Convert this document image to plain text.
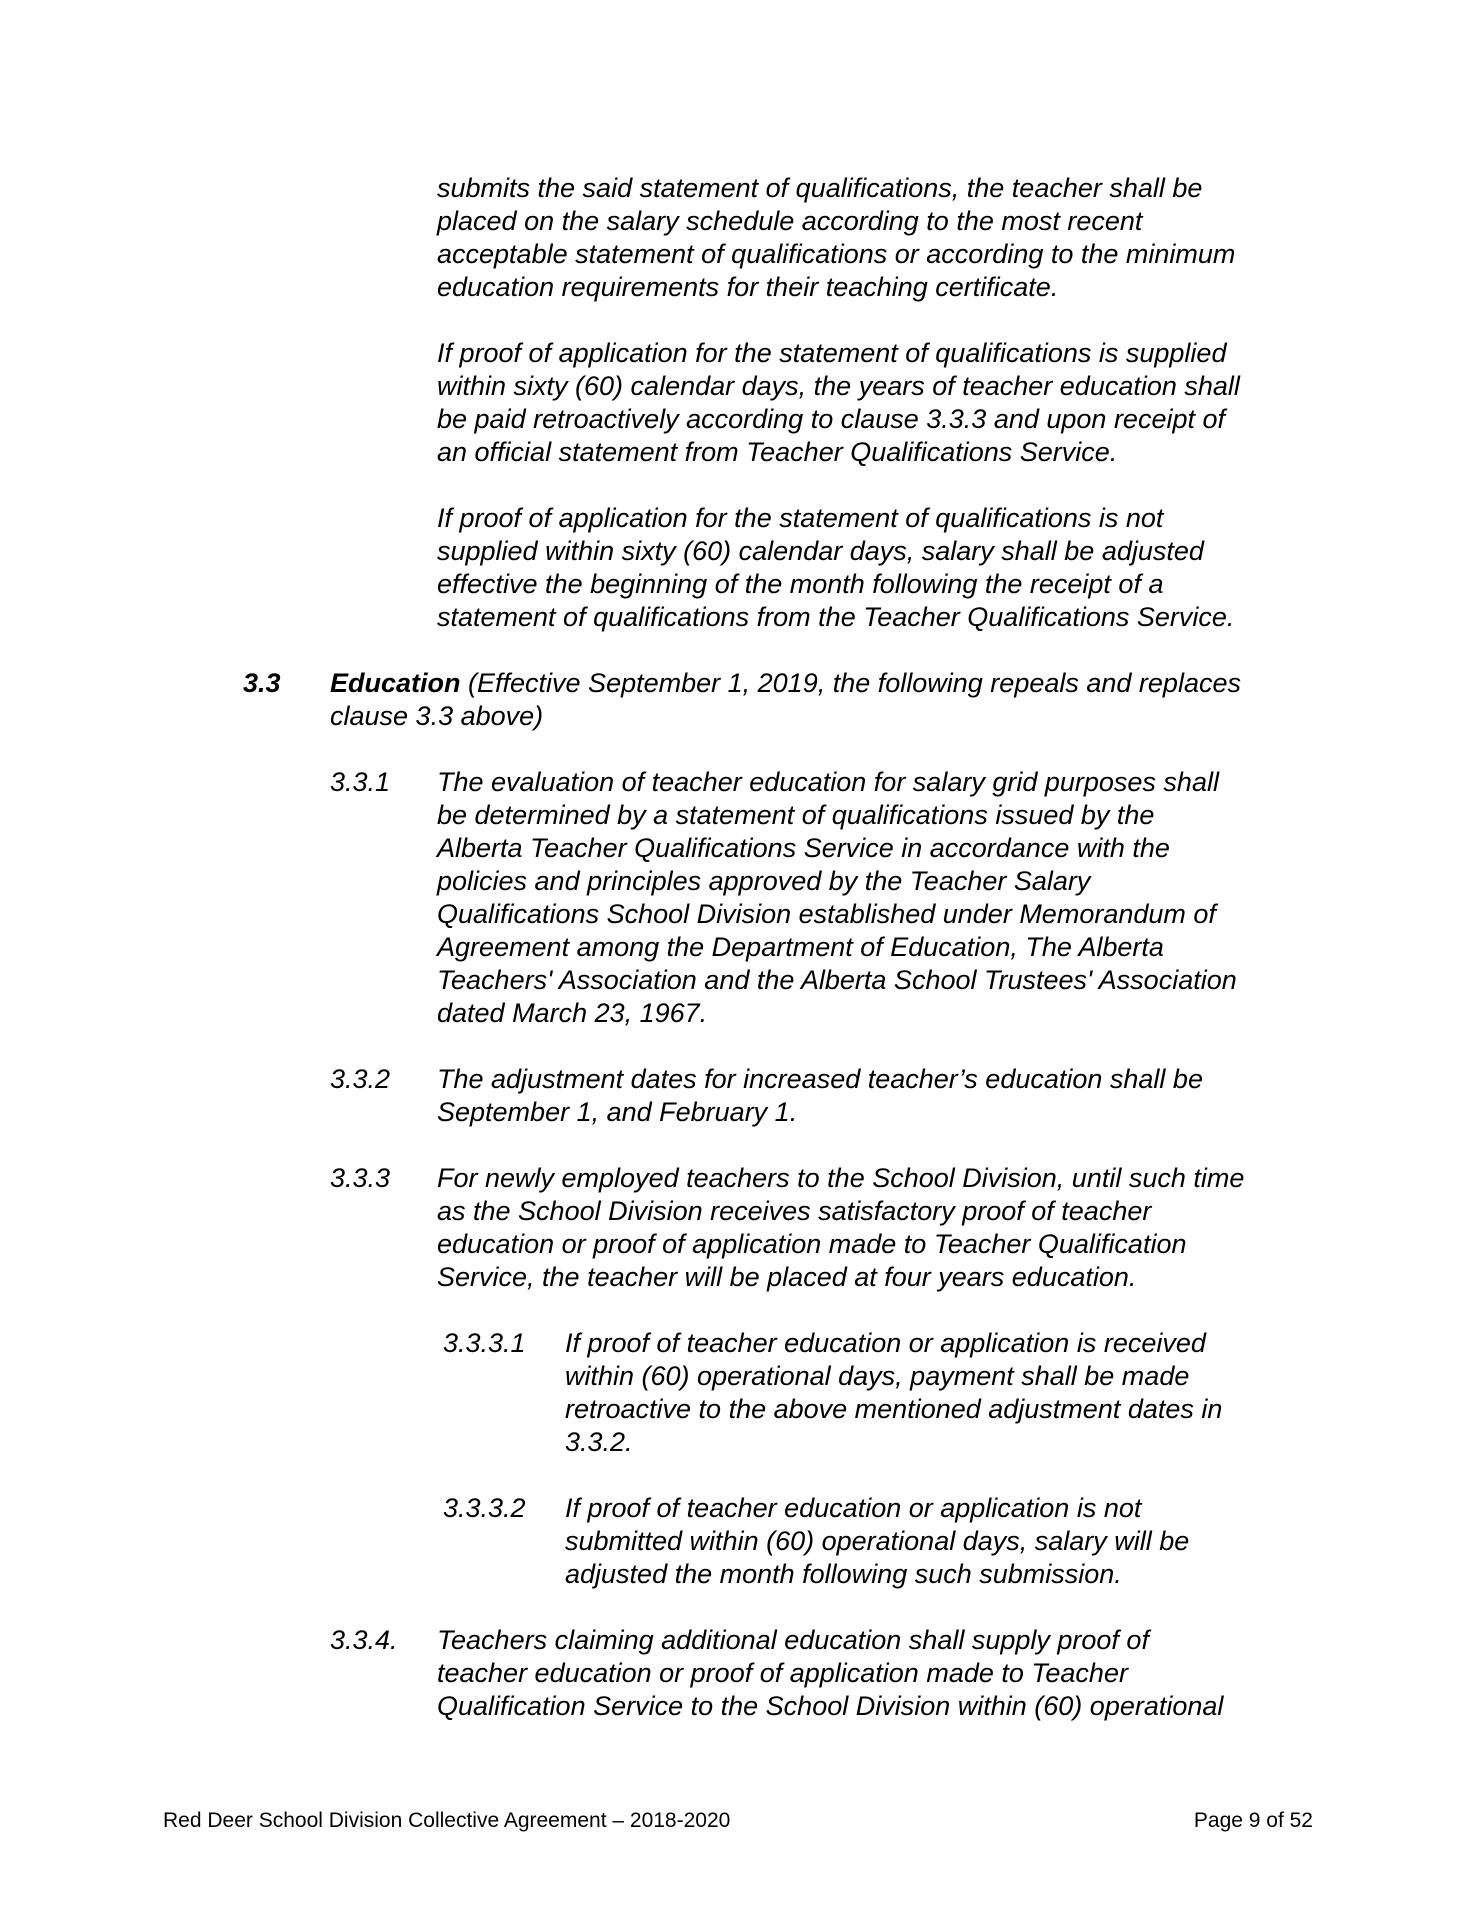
submits the said statement of qualifications, the teacher shall be
placed on the salary schedule according to the most recent
acceptable statement of qualifications or according to the minimum
education requirements for their teaching certificate.
If proof of application for the statement of qualifications is supplied
within sixty (60) calendar days, the years of teacher education shall
be paid retroactively according to clause 3.3.3 and upon receipt of
an official statement from Teacher Qualifications Service.
If proof of application for the statement of qualifications is not
supplied within sixty (60) calendar days, salary shall be adjusted
effective the beginning of the month following the receipt of a
statement of qualifications from the Teacher Qualifications Service.
3.3	Education (Effective September 1, 2019, the following repeals and replaces
clause 3.3 above)
3.3.1	The evaluation of teacher education for salary grid purposes shall
be determined by a statement of qualifications issued by the
Alberta Teacher Qualifications Service in accordance with the
policies and principles approved by the Teacher Salary
Qualifications School Division established under Memorandum of
Agreement among the Department of Education, The Alberta
Teachers' Association and the Alberta School Trustees' Association
dated March 23, 1967.
3.3.2	The adjustment dates for increased teacher’s education shall be
September 1, and February 1.
3.3.3	For newly employed teachers to the School Division, until such time
as the School Division receives satisfactory proof of teacher
education or proof of application made to Teacher Qualification
Service, the teacher will be placed at four years education.
3.3.3.1	If proof of teacher education or application is received
within (60) operational days, payment shall be made
retroactive to the above mentioned adjustment dates in
3.3.2.
3.3.3.2	If proof of teacher education or application is not
submitted within (60) operational days, salary will be
adjusted the month following such submission.
3.3.4.	Teachers claiming additional education shall supply proof of
teacher education or proof of application made to Teacher
Qualification Service to the School Division within (60) operational
Red Deer School Division Collective Agreement – 2018-2020	Page 9 of 52
